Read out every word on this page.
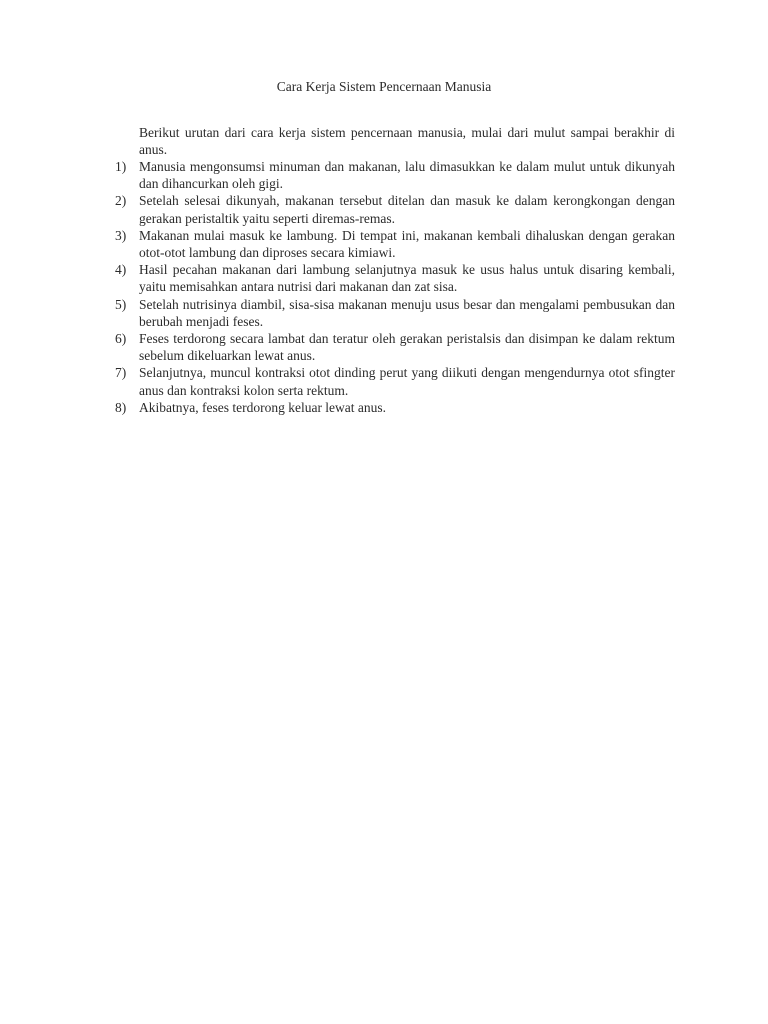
Cara Kerja Sistem Pencernaan Manusia

Berikut urutan dari cara kerja sistem pencernaan manusia, mulai dari mulut sampai berakhir di anus.

1) Manusia mengonsumsi minuman dan makanan, lalu dimasukkan ke dalam mulut untuk dikunyah dan dihancurkan oleh gigi.
2) Setelah selesai dikunyah, makanan tersebut ditelan dan masuk ke dalam kerongkongan dengan gerakan peristaltik yaitu seperti diremas-remas.
3) Makanan mulai masuk ke lambung. Di tempat ini, makanan kembali dihaluskan dengan gerakan otot-otot lambung dan diproses secara kimiawi.
4) Hasil pecahan makanan dari lambung selanjutnya masuk ke usus halus untuk disaring kembali, yaitu memisahkan antara nutrisi dari makanan dan zat sisa.
5) Setelah nutrisinya diambil, sisa-sisa makanan menuju usus besar dan mengalami pembusukan dan berubah menjadi feses.
6) Feses terdorong secara lambat dan teratur oleh gerakan peristalsis dan disimpan ke dalam rektum sebelum dikeluarkan lewat anus.
7) Selanjutnya, muncul kontraksi otot dinding perut yang diikuti dengan mengendurnya otot sfingter anus dan kontraksi kolon serta rektum.
8) Akibatnya, feses terdorong keluar lewat anus.
